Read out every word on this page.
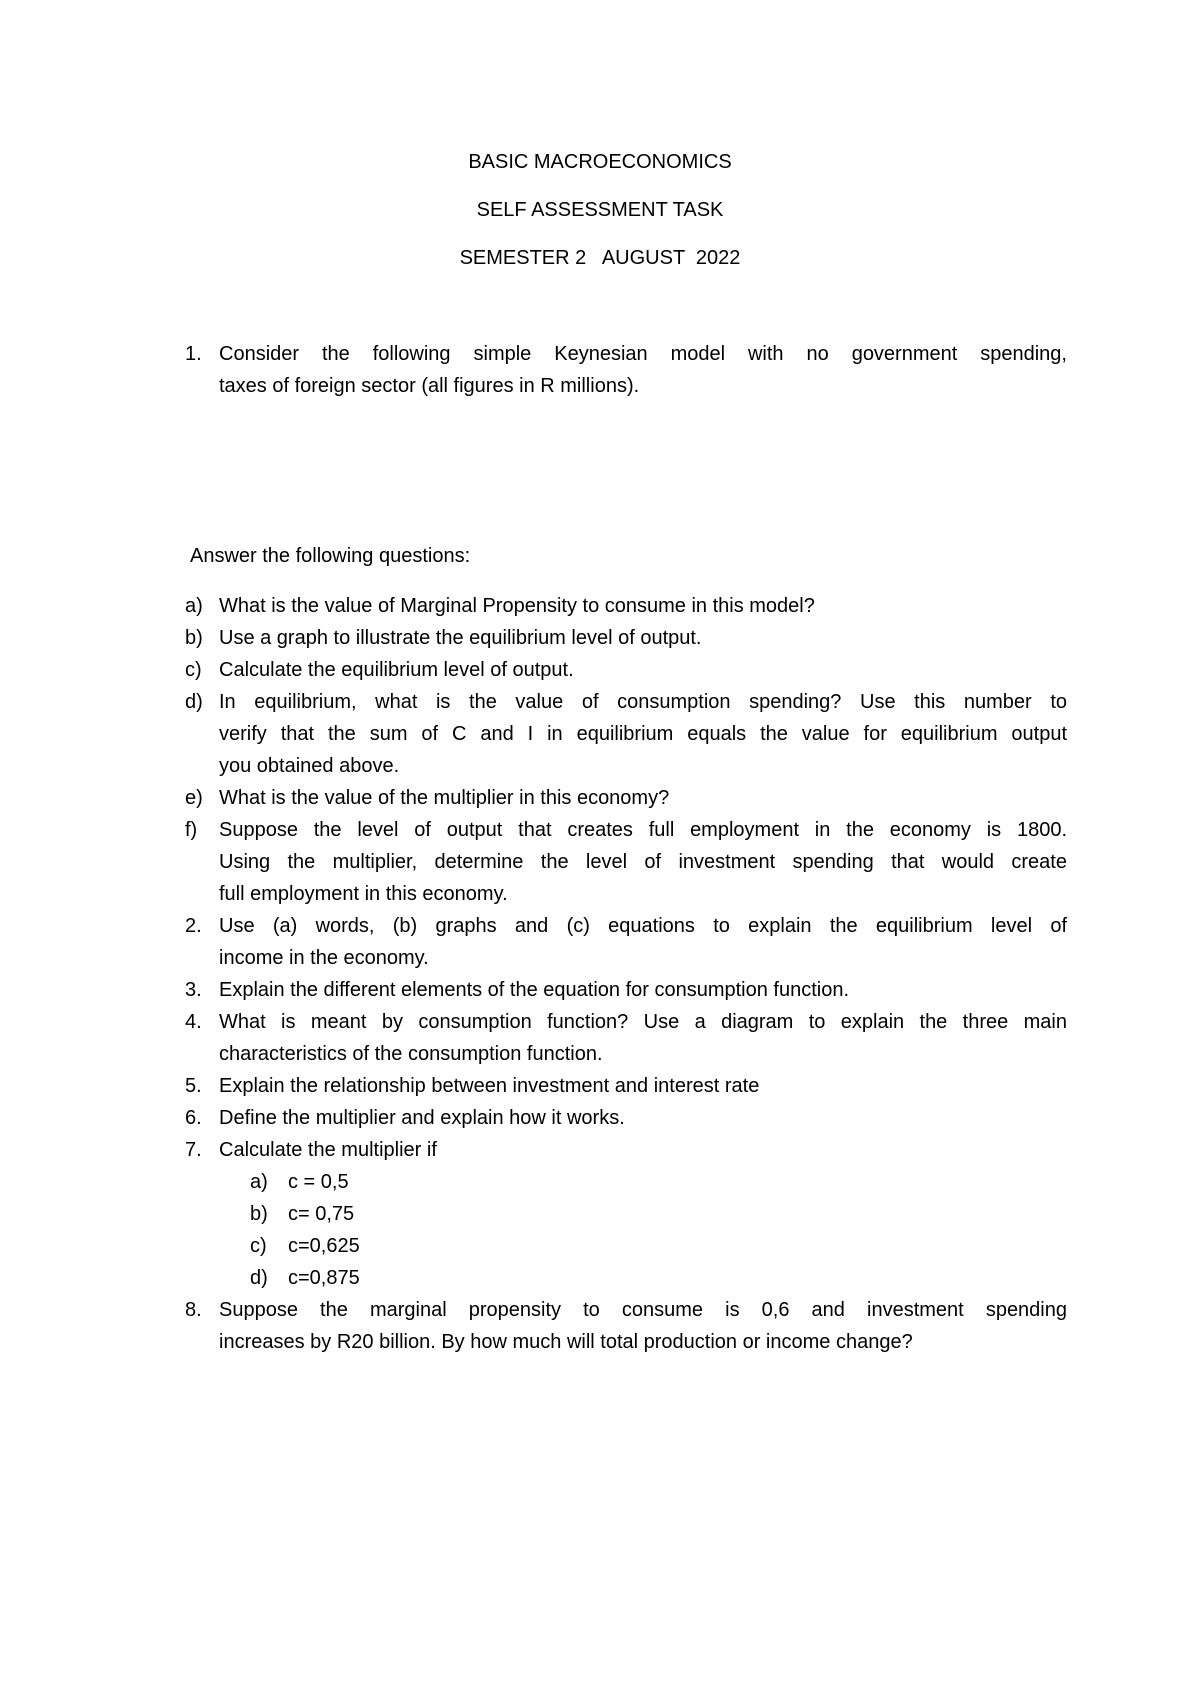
BASIC MACROECONOMICS
SELF ASSESSMENT TASK
SEMESTER 2   AUGUST  2022
1. Consider the following simple Keynesian model with no government spending,
taxes of foreign sector (all figures in R millions).
Answer the following questions:
a) What is the value of Marginal Propensity to consume in this model?
b) Use a graph to illustrate the equilibrium level of output.
c) Calculate the equilibrium level of output.
d) In equilibrium, what is the value of consumption spending? Use this number to
verify that the sum of C and I in equilibrium equals the value for equilibrium output
you obtained above.
e) What is the value of the multiplier in this economy?
f) Suppose the level of output that creates full employment in the economy is 1800.
Using the multiplier, determine the level of investment spending that would create
full employment in this economy.
2. Use (a) words, (b) graphs and (c) equations to explain the equilibrium level of
income in the economy.
3. Explain the different elements of the equation for consumption function.
4. What is meant by consumption function? Use a diagram to explain the three main
characteristics of the consumption function.
5. Explain the relationship between investment and interest rate
6. Define the multiplier and explain how it works.
7. Calculate the multiplier if
a) c = 0,5
b) c= 0,75
c) c=0,625
d) c=0,875
8. Suppose the marginal propensity to consume is 0,6 and investment spending
increases by R20 billion. By how much will total production or income change?
